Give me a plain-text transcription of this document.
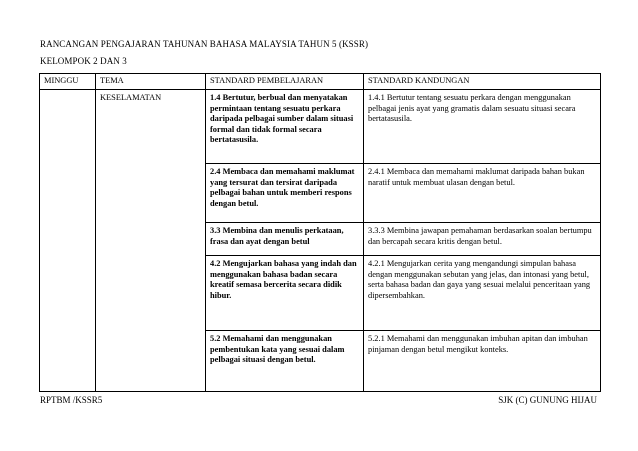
RANCANGAN PENGAJARAN TAHUNAN BAHASA MALAYSIA TAHUN 5 (KSSR)
KELOMPOK 2 DAN 3
MINGGU	TEMA	STANDARD PEMBELAJARAN	STANDARD KANDUNGAN
	KESELAMATAN	1.4 Bertutur, berbual dan menyatakan permintaan tentang sesuatu perkara daripada pelbagai sumber dalam situasi formal dan tidak formal secara bertatasusila.	1.4.1 Bertutur tentang sesuatu perkara dengan menggunakan pelbagai jenis ayat yang gramatis dalam sesuatu situasi secara bertatasusila.
		2.4 Membaca dan memahami maklumat yang tersurat dan tersirat daripada pelbagai bahan untuk memberi respons dengan betul.	2.4.1 Membaca dan memahami maklumat daripada bahan bukan naratif untuk membuat ulasan dengan betul.
		3.3 Membina dan menulis perkataan, frasa dan ayat dengan betul	3.3.3 Membina jawapan pemahaman berdasarkan soalan bertumpu dan bercapah secara kritis dengan betul.
		4.2 Mengujarkan bahasa yang indah dan menggunakan bahasa badan secara kreatif semasa bercerita secara didik hibur.	4.2.1 Mengujarkan cerita yang mengandungi simpulan bahasa dengan menggunakan sebutan yang jelas, dan intonasi yang betul, serta bahasa badan dan gaya yang sesuai melalui penceritaan yang dipersembahkan.
		5.2 Memahami dan menggunakan pembentukan kata yang sesuai dalam pelbagai situasi dengan betul.	5.2.1 Memahami dan menggunakan imbuhan apitan dan imbuhan pinjaman dengan betul mengikut konteks.
RPTBM /KSSR5	SJK (C) GUNUNG HIJAU
